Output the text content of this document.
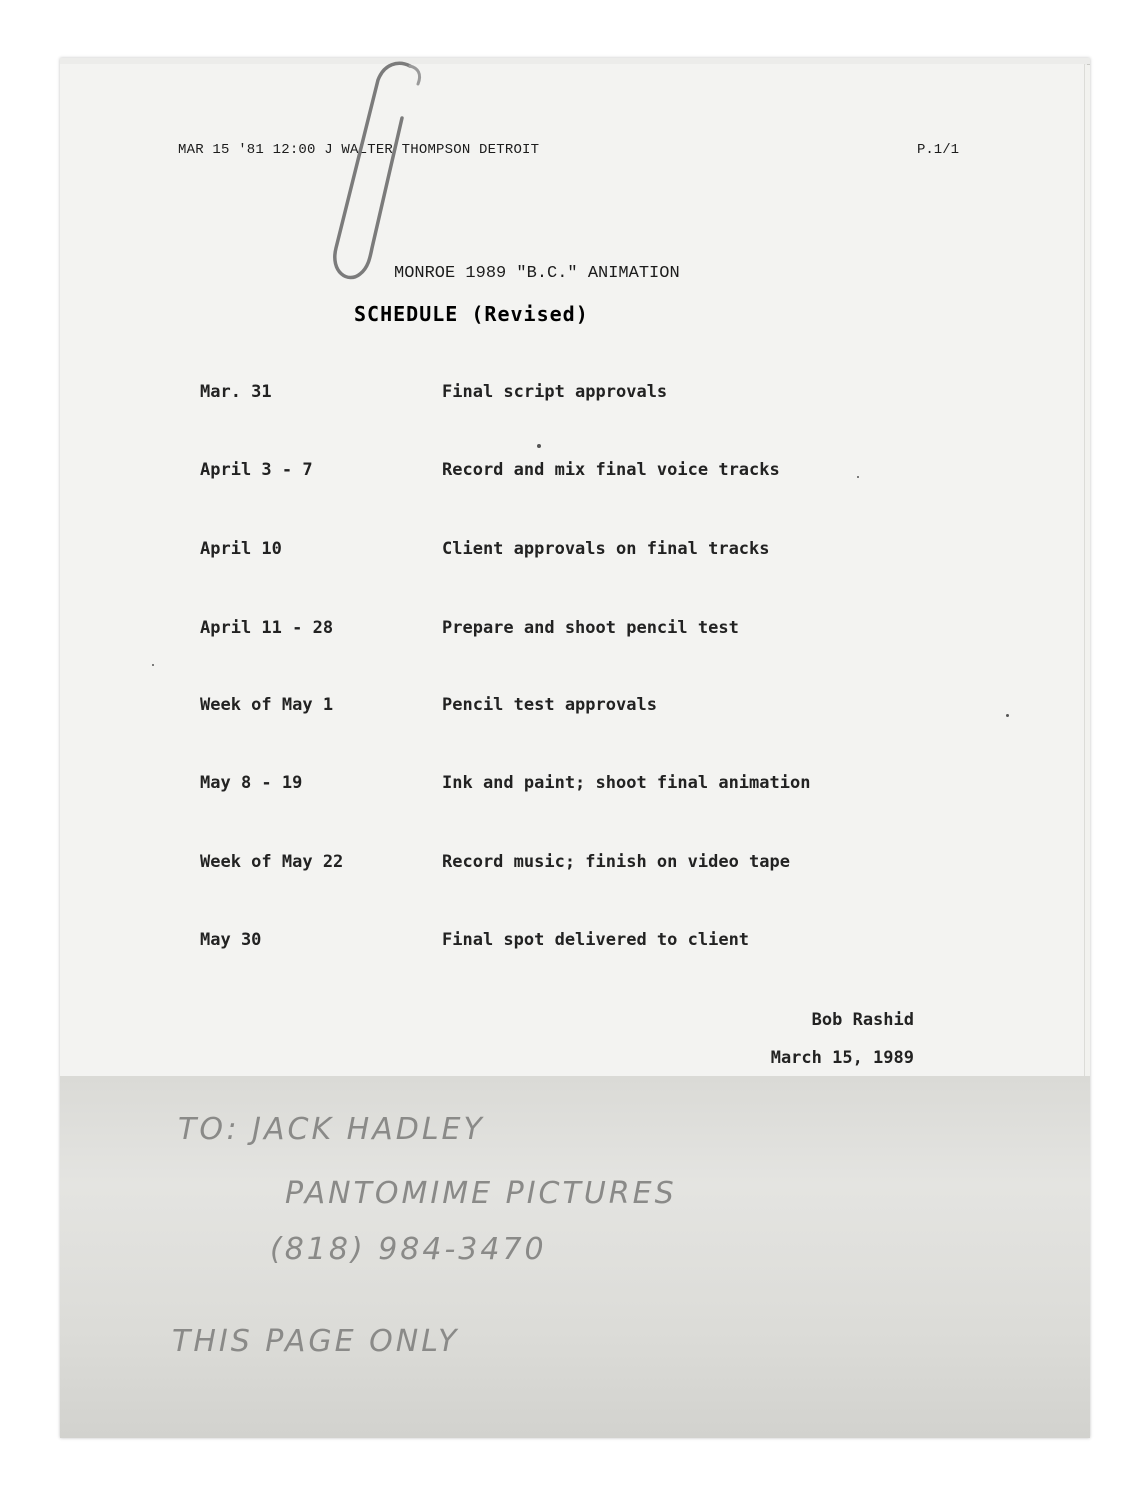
MAR 15 '81 12:00 J WALTER THOMPSON DETROIT	P.1/1
MONROE 1989 "B.C." ANIMATION
SCHEDULE (Revised)
Mar. 31	Final script approvals
April 3 - 7	Record and mix final voice tracks
April 10	Client approvals on final tracks
April 11 - 28	Prepare and shoot pencil test
Week of May 1	Pencil test approvals
May 8 - 19	Ink and paint; shoot final animation
Week of May 22	Record music; finish on video tape
May 30	Final spot delivered to client
Bob Rashid
March 15, 1989
TO: JACK HADLEY
PANTOMIME PICTURES
(818) 984-3470
THIS PAGE ONLY
